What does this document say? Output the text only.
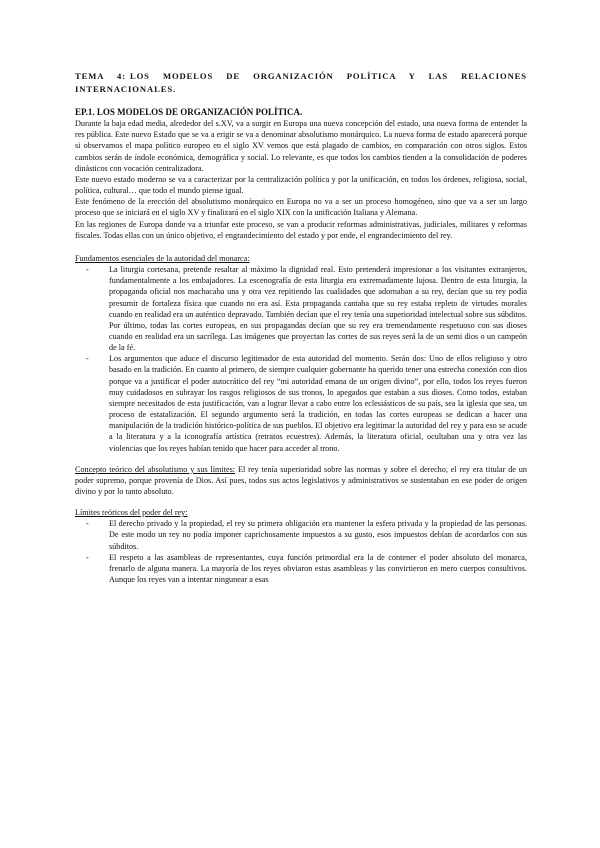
TEMA 4: LOS MODELOS DE ORGANIZACIÓN POLÍTICA Y LAS RELACIONES INTERNACIONALES.

EP.1. LOS MODELOS DE ORGANIZACIÓN POLÍTICA.

Durante la baja edad media, alrededor del s.XV, va a surgir en Europa una nueva concepción del estado, una nueva forma de entender la res pública. Este nuevo Estado que se va a erigir se va a denominar absolutismo monárquico. La nueva forma de estado aparecerá porque si observamos el mapa político europeo en el siglo XV vemos que está plagado de cambios, en comparación con otros siglos. Estos cambios serán de índole económica, demográfica y social. Lo relevante, es que todos los cambios tienden a la consolidación de poderes dinásticos con vocación centralizadora.

Este nuevo estado moderno se va a caracterizar por la centralización política y por la unificación, en todos los órdenes, religiosa, social, política, cultural… que todo el mundo piense igual.

Este fenómeno de la erección del absolutismo monárquico en Europa no va a ser un proceso homogéneo, sino que va a ser un largo proceso que se iniciará en el siglo XV y finalizará en el siglo XIX con la unificación Italiana y Alemana.

En las regiones de Europa donde va a triunfar este proceso, se van a producir reformas administrativas, judiciales, militares y reformas fiscales. Todas ellas con un único objetivo, el engrandecimiento del estado y por ende, el engrandecimiento del rey.

Fundamentos esenciales de la autoridad del monarca:

- La liturgia cortesana, pretende resaltar al máximo la dignidad real. Esto pretenderá impresionar a los visitantes extranjeros, fundamentalmente a los embajadores. La escenografía de esta liturgia era extremadamente lujosa. Dentro de esta liturgia, la propaganda oficial nos machacaba una y otra vez repitiendo las cualidades que adornaban a su rey, decían que su rey podía presumir de fortaleza física que cuando no era así. Esta propaganda cantaba que su rey estaba repleto de virtudes morales cuando en realidad era un auténtico depravado. También decían que el rey tenía una superioridad intelectual sobre sus súbditos. Por último, todas las cortes europeas, en sus propagandas decían que su rey era tremendamente respetuoso con sus dioses cuando en realidad era un sacrílega. Las imágenes que proyectan las cortes de sus reyes será la de un semi dios o un campeón de la fé.
- Los argumentos que aduce el discurso legitimador de esta autoridad del momento. Serán dos: Uno de ellos religioso y otro basado en la tradición. En cuanto al primero, de siempre cualquier gobernante ha querido tener una estrecha conexión con dios porque va a justificar el poder autocrático del rey “mi autoridad emana de un origen divino”, por ello, todos los reyes fueron muy cuidadosos en subrayar los rasgos religiosos de sus tronos, lo apegados que estaban a sus dioses. Como todos, estaban siempre necesitados de esta justificación, van a lograr llevar a cabo entre los eclesiásticos de su país, sea la iglesia que sea, un proceso de estatalización. El segundo argumento será la tradición, en todas las cortes europeas se dedican a hacer una manipulación de la tradición histórico-política de sus pueblos. El objetivo era legitimar la autoridad del rey y para eso se acude a la literatura y a la iconografía artística (retratos ecuestres). Además, la literatura oficial, ocultaban una y otra vez las violencias que los reyes habían tenido que hacer para acceder al trono.

Concepto teórico del absolutismo y sus límites: El rey tenía superioridad sobre las normas y sobre el derecho, el rey era titular de un poder supremo, porque provenía de Dios. Así pues, todos sus actos legislativos y administrativos se sustentaban en ese poder de origen divino y por lo tanto absoluto.

Límites teóricos del poder del rey:

- El derecho privado y la propiedad, el rey su primera obligación era mantener la esfera privada y la propiedad de las personas. De este modo un rey no podía imponer caprichosamente impuestos a su gusto, esos impuestos debían de acordarlos con sus súbditos.
- El respeto a las asambleas de representantes, cuya función primordial era la de contener el poder absoluto del monarca, frenarlo de alguna manera. La mayoría de los reyes obviaron estas asambleas y las convirtieron en mero cuerpos consultivos. Aunque los reyes van a intentar ningunear a esas
